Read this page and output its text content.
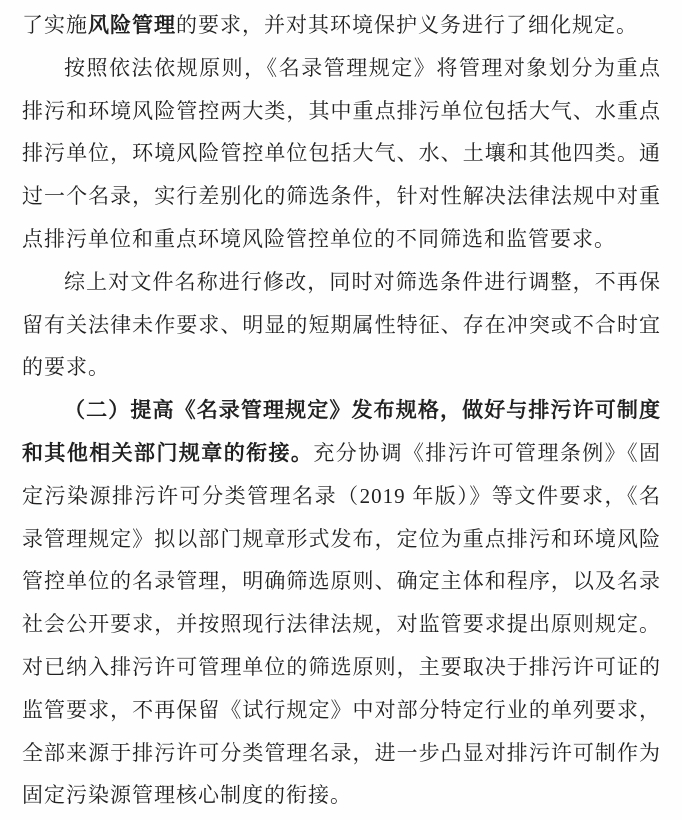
了实施风险管理的要求，并对其环境保护义务进行了细化规定。

按照依法依规原则，《名录管理规定》将管理对象划分为重点排污和环境风险管控两大类，其中重点排污单位包括大气、水重点排污单位，环境风险管控单位包括大气、水、土壤和其他四类。通过一个名录，实行差别化的筛选条件，针对性解决法律法规中对重点排污单位和重点环境风险管控单位的不同筛选和监管要求。

综上对文件名称进行修改，同时对筛选条件进行调整，不再保留有关法律未作要求、明显的短期属性特征、存在冲突或不合时宜的要求。

（二）提高《名录管理规定》发布规格，做好与排污许可制度和其他相关部门规章的衔接。充分协调《排污许可管理条例》《固定污染源排污许可分类管理名录（2019 年版）》等文件要求，《名录管理规定》拟以部门规章形式发布，定位为重点排污和环境风险管控单位的名录管理，明确筛选原则、确定主体和程序，以及名录社会公开要求，并按照现行法律法规，对监管要求提出原则规定。对已纳入排污许可管理单位的筛选原则，主要取决于排污许可证的监管要求，不再保留《试行规定》中对部分特定行业的单列要求，全部来源于排污许可分类管理名录，进一步凸显对排污许可制作为固定污染源管理核心制度的衔接。
